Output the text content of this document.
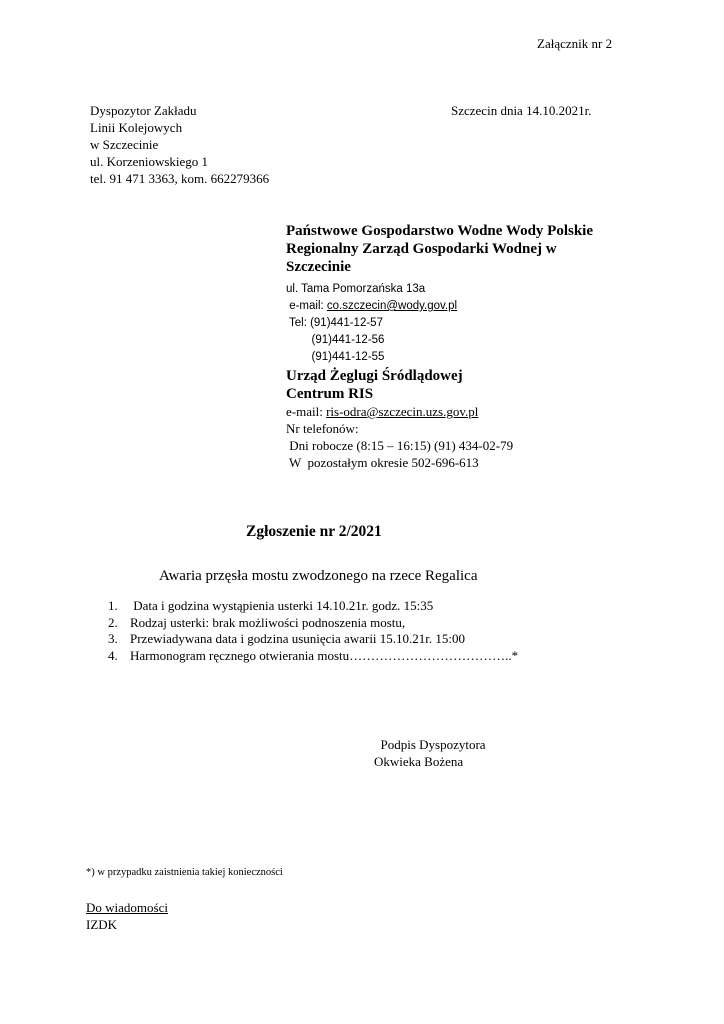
Załącznik nr 2
Dyspozytor Zakładu
Linii Kolejowych
w Szczecinie
ul. Korzeniowskiego 1
tel. 91 471 3363, kom. 662279366
Szczecin dnia 14.10.2021r.
Państwowe Gospodarstwo Wodne Wody Polskie
Regionalny Zarząd Gospodarki Wodnej w
Szczecinie
ul. Tama Pomorzańska 13a
e-mail: co.szczecin@wody.gov.pl
Tel: (91)441-12-57
(91)441-12-56
(91)441-12-55
Urząd Żeglugi Śródlądowej
Centrum RIS
e-mail: ris-odra@szczecin.uzs.gov.pl
Nr telefonów:
Dni robocze (8:15 – 16:15) (91) 434-02-79
W  pozostałym okresie 502-696-613
Zgłoszenie nr 2/2021
Awaria przęsła mostu zwodzonego na rzece Regalica
1. Data i godzina wystąpienia usterki 14.10.21r. godz. 15:35
2. Rodzaj usterki: brak możliwości podnoszenia mostu,
3. Przewiadywana data i godzina usunięcia awarii 15.10.21r. 15:00
4. Harmonogram ręcznego otwierania mostu………………………………..*
Podpis Dyspozytora
Okwieka Bożena
*) w przypadku zaistnienia takiej konieczności
Do wiadomości
IZDK
